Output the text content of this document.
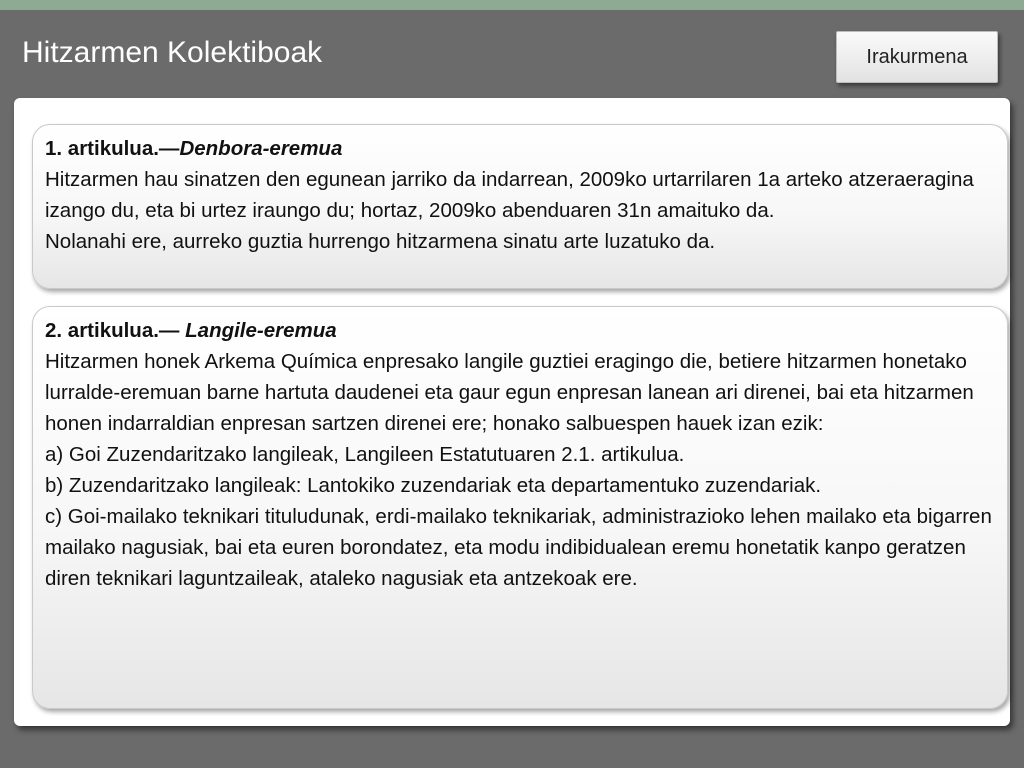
Hitzarmen Kolektiboak	Irakurmena
1. artikulua.—Denbora-eremua
Hitzarmen hau sinatzen den egunean jarriko da indarrean, 2009ko urtarrilaren 1a arteko atzeraeragina izango du, eta bi urtez iraungo du; hortaz, 2009ko abenduaren 31n amaituko da.
Nolanahi ere, aurreko guztia hurrengo hitzarmena sinatu arte luzatuko da.
2. artikulua.— Langile-eremua
Hitzarmen honek Arkema Química enpresako langile guztiei eragingo die, betiere hitzarmen honetako lurralde-eremuan barne hartuta daudenei eta gaur egun enpresan lanean ari direnei, bai eta hitzarmen honen indarraldian enpresan sartzen direnei ere; honako salbuespen hauek izan ezik:
a) Goi Zuzendaritzako langileak, Langileen Estatutuaren 2.1. artikulua.
b) Zuzendaritzako langileak: Lantokiko zuzendariak eta departamentuko zuzendariak.
c) Goi-mailako teknikari tituludunak, erdi-mailako teknikariak, administrazioko lehen mailako eta bigarren mailako nagusiak, bai eta euren borondatez, eta modu indibidualean eremu honetatik kanpo geratzen diren teknikari laguntzaileak, ataleko nagusiak eta antzekoak ere.
